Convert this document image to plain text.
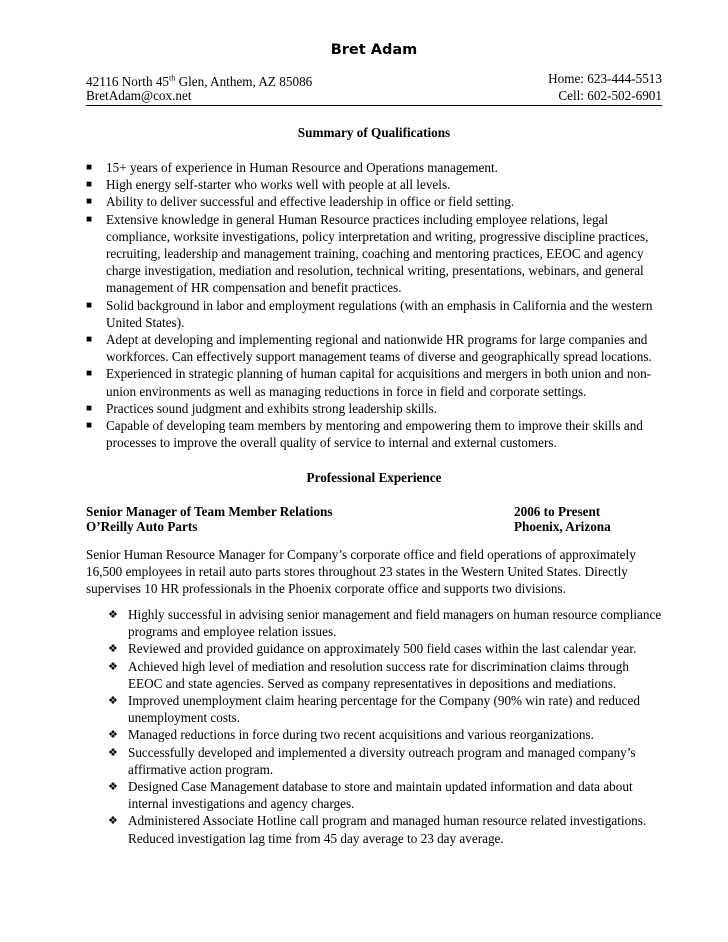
Bret Adam
42116 North 45th Glen, Anthem, AZ 85086	Home: 623-444-5513
BretAdam@cox.net	Cell: 602-502-6901
Summary of Qualifications
■ 15+ years of experience in Human Resource and Operations management.
■ High energy self-starter who works well with people at all levels.
■ Ability to deliver successful and effective leadership in office or field setting.
■ Extensive knowledge in general Human Resource practices including employee relations, legal compliance, worksite investigations, policy interpretation and writing, progressive discipline practices, recruiting, leadership and management training, coaching and mentoring practices, EEOC and agency charge investigation, mediation and resolution, technical writing, presentations, webinars, and general management of HR compensation and benefit practices.
■ Solid background in labor and employment regulations (with an emphasis in California and the western United States).
■ Adept at developing and implementing regional and nationwide HR programs for large companies and workforces. Can effectively support management teams of diverse and geographically spread locations.
■ Experienced in strategic planning of human capital for acquisitions and mergers in both union and non-union environments as well as managing reductions in force in field and corporate settings.
■ Practices sound judgment and exhibits strong leadership skills.
■ Capable of developing team members by mentoring and empowering them to improve their skills and processes to improve the overall quality of service to internal and external customers.
Professional Experience
Senior Manager of Team Member Relations	2006 to Present
O’Reilly Auto Parts	Phoenix, Arizona
Senior Human Resource Manager for Company’s corporate office and field operations of approximately 16,500 employees in retail auto parts stores throughout 23 states in the Western United States. Directly supervises 10 HR professionals in the Phoenix corporate office and supports two divisions.
❖ Highly successful in advising senior management and field managers on human resource compliance programs and employee relation issues.
❖ Reviewed and provided guidance on approximately 500 field cases within the last calendar year.
❖ Achieved high level of mediation and resolution success rate for discrimination claims through EEOC and state agencies. Served as company representatives in depositions and mediations.
❖ Improved unemployment claim hearing percentage for the Company (90% win rate) and reduced unemployment costs.
❖ Managed reductions in force during two recent acquisitions and various reorganizations.
❖ Successfully developed and implemented a diversity outreach program and managed company’s affirmative action program.
❖ Designed Case Management database to store and maintain updated information and data about internal investigations and agency charges.
❖ Administered Associate Hotline call program and managed human resource related investigations. Reduced investigation lag time from 45 day average to 23 day average.
